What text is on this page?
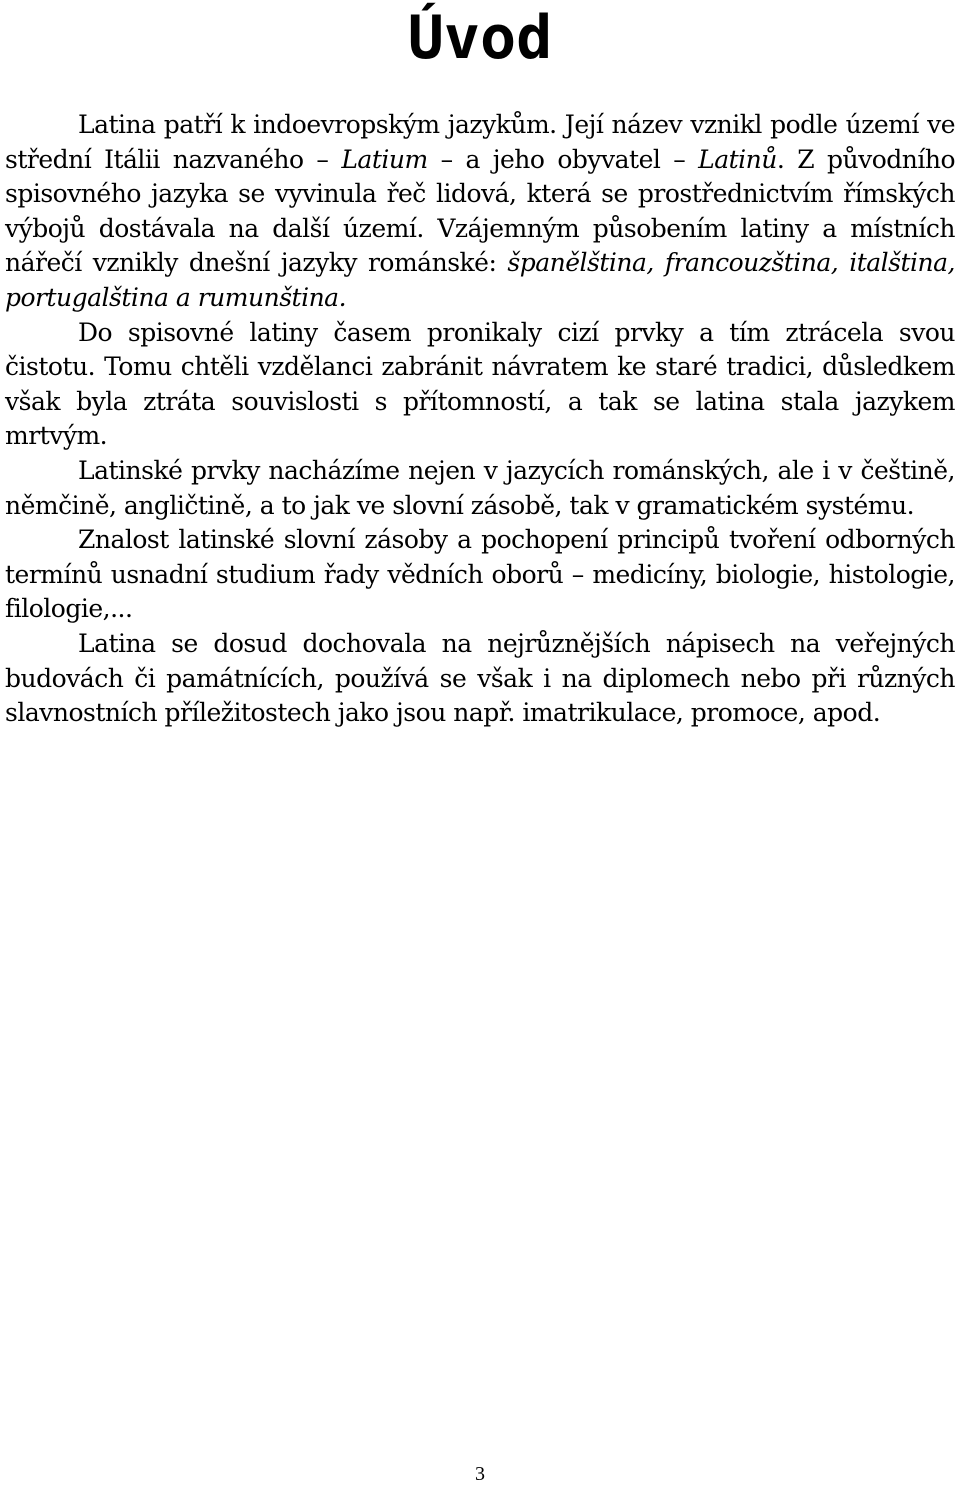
Úvod

Latina patří k indoevropským jazykům. Její název vznikl podle území ve střední Itálii nazvaného – Latium – a jeho obyvatel – Latinů. Z původního spisovného jazyka se vyvinula řeč lidová, která se prostřednictvím římských výbojů dostávala na další území. Vzájemným působením latiny a místních nářečí vznikly dnešní jazyky románské: španělština, francouzština, italština, portugalština a rumunština.

Do spisovné latiny časem pronikaly cizí prvky a tím ztrácela svou čistotu. Tomu chtěli vzdělanci zabránit návratem ke staré tradici, důsledkem však byla ztráta souvislosti s přítomností, a tak se latina stala jazykem mrtvým.

Latinské prvky nacházíme nejen v jazycích románských, ale i v češtině, němčině, angličtině, a to jak ve slovní zásobě, tak v gramatickém systému.

Znalost latinské slovní zásoby a pochopení principů tvoření odborných termínů usnadní studium řady vědních oborů – medicíny, biologie, histologie, filologie,...

Latina se dosud dochovala na nejrůznějších nápisech na veřejných budovách či památnících, používá se však i na diplomech nebo při různých slavnostních příležitostech jako jsou např. imatrikulace, promoce, apod.

3
